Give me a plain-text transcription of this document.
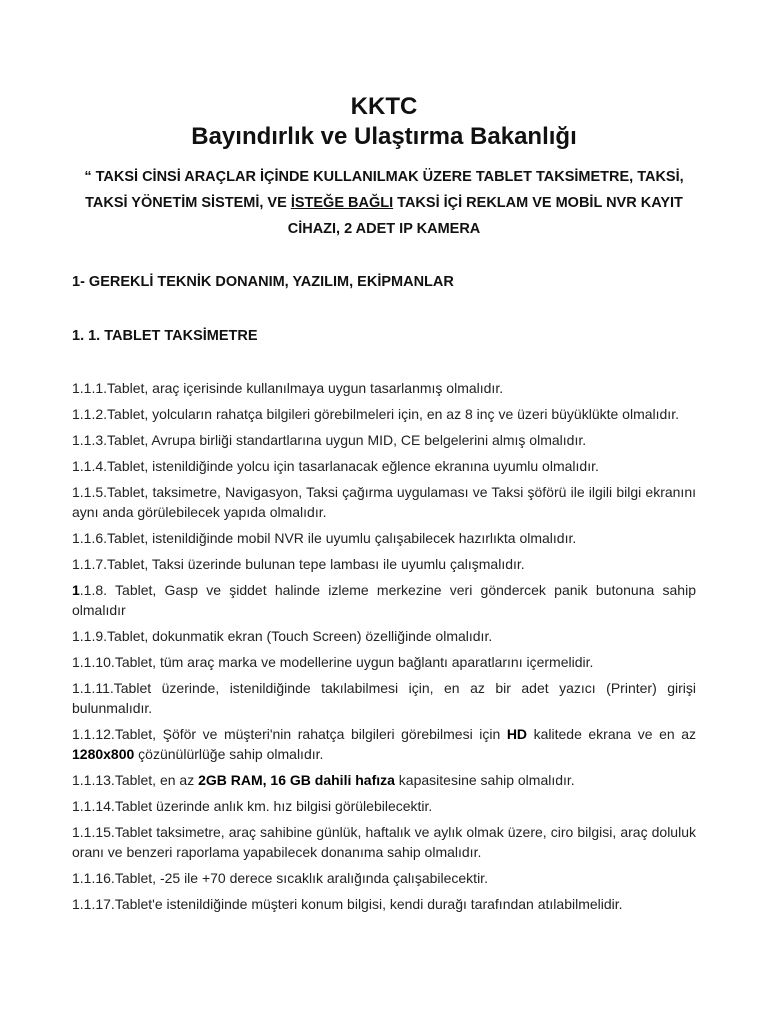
KKTC
Bayındırlık ve Ulaştırma Bakanlığı

“ TAKSİ CİNSİ ARAÇLAR İÇİNDE KULLANILMAK ÜZERE TABLET TAKSİMETRE, TAKSİ, TAKSİ YÖNETİM SİSTEMİ, VE İSTEĞE BAĞLI TAKSİ İÇİ REKLAM VE MOBİL NVR KAYIT CİHAZI, 2 ADET IP KAMERA

1- GEREKLİ TEKNİK DONANIM, YAZILIM, EKİPMANLAR

1. 1. TABLET TAKSİMETRE

1.1.1.Tablet, araç içerisinde kullanılmaya uygun tasarlanmış olmalıdır.

1.1.2.Tablet, yolcuların rahatça bilgileri görebilmeleri için, en az 8 inç ve üzeri büyüklükte olmalıdır.

1.1.3.Tablet, Avrupa birliği standartlarına uygun MID, CE belgelerini almış olmalıdır.

1.1.4.Tablet, istenildiğinde yolcu için tasarlanacak eğlence ekranına uyumlu olmalıdır.

1.1.5.Tablet, taksimetre, Navigasyon, Taksi çağırma uygulaması ve Taksi şöförü ile ilgili bilgi ekranını aynı anda görülebilecek yapıda olmalıdır.

1.1.6.Tablet, istenildiğinde mobil NVR ile uyumlu çalışabilecek hazırlıkta olmalıdır.

1.1.7.Tablet, Taksi üzerinde bulunan tepe lambası ile uyumlu çalışmalıdır.

1.1.8. Tablet, Gasp ve şiddet halinde izleme merkezine veri göndercek panik butonuna sahip olmalıdır

1.1.9.Tablet, dokunmatik ekran (Touch Screen) özelliğinde olmalıdır.

1.1.10.Tablet, tüm araç marka ve modellerine uygun bağlantı aparatlarını içermelidir.

1.1.11.Tablet üzerinde, istenildiğinde takılabilmesi için, en az bir adet yazıcı (Printer) girişi bulunmalıdır.

1.1.12.Tablet, Şöför ve müşteri'nin rahatça bilgileri görebilmesi için HD kalitede ekrana ve en az 1280x800 çözünülürlüğe sahip olmalıdır.

1.1.13.Tablet, en az 2GB RAM, 16 GB dahili hafıza kapasitesine sahip olmalıdır.

1.1.14.Tablet üzerinde anlık km. hız bilgisi görülebilecektir.

1.1.15.Tablet taksimetre, araç sahibine günlük, haftalık ve aylık olmak üzere, ciro bilgisi, araç doluluk oranı ve benzeri raporlama yapabilecek donanıma sahip olmalıdır.

1.1.16.Tablet, -25 ile +70 derece sıcaklık aralığında çalışabilecektir.

1.1.17.Tablet'e istenildiğinde müşteri konum bilgisi, kendi durağı tarafından atılabilmelidir.
